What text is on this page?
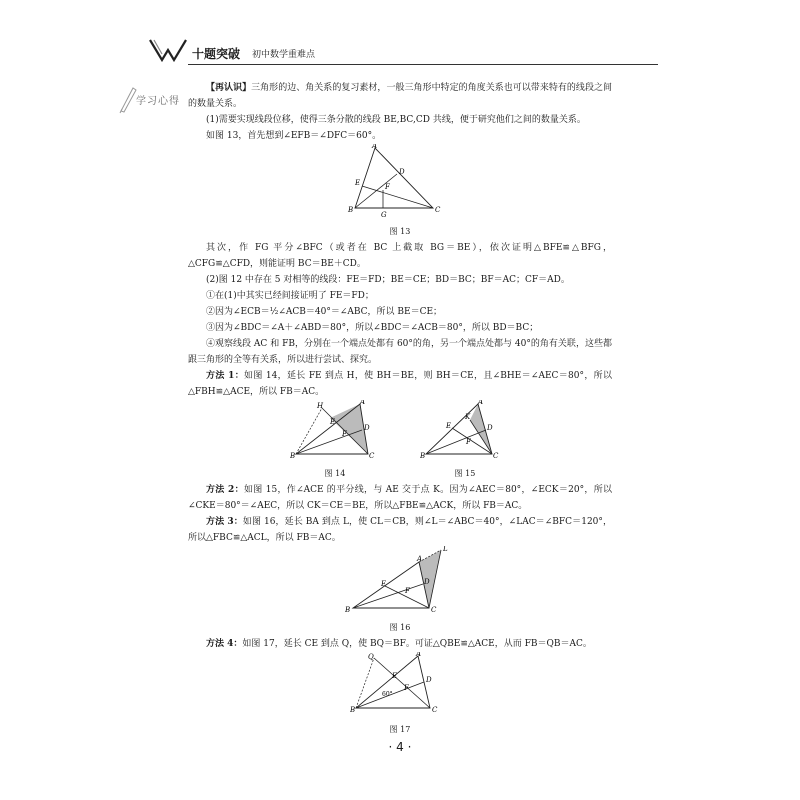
十题突破 初中数学重难点
学习心得

【再认识】三角形的边、角关系的复习素材，一般三角形中特定的角度关系也可以带来特有的线段之间的数量关系。

(1)需要实现线段位移，使得三条分散的线段 BE,BC,CD 共线，便于研究他们之间的数量关系。

如图 13，首先想到∠EFB＝∠DFC＝60°。

A
B	C
D
E	F
G

图 13

其次，作 FG 平分∠BFC（或者在 BC 上截取 BG＝BE），依次证明△BFE≌△BFG，△CFG≌△CFD，则能证明 BC＝BE＋CD。

(2)图 12 中存在 5 对相等的线段：FE＝FD；BE＝CE；BD＝BC；BF＝AC；CF＝AD。

①在(1)中其实已经间接证明了 FE＝FD；

②因为∠ECB＝½∠ACB＝40°＝∠ABC，所以 BE＝CE；

③因为∠BDC＝∠A＋∠ABD＝80°，所以∠BDC＝∠ACB＝80°，所以 BD＝BC；

④观察线段 AC 和 FB，分别在一个端点处都有 60°的角，另一个端点处都与 40°的角有关联，这些都跟三角形的全等有关系，所以进行尝试、探究。

方法 1：如图 14，延长 FE 到点 H，使 BH＝BE，则 BH＝CE，且∠BHE＝∠AEC＝80°，所以△FBH≌△ACE，所以 FB＝AC。

A
B	C
D
E
F
H

图 14

A
B	C
D
E
F
K

图 15

方法 2：如图 15，作∠ACE 的平分线，与 AE 交于点 K。因为∠AEC＝80°，∠ECK＝20°，所以∠CKE＝80°＝∠AEC，所以 CK＝CE＝BE，所以△FBE≌△ACK，所以 FB＝AC。

方法 3：如图 16，延长 BA 到点 L，使 CL＝CB，则∠L＝∠ABC＝40°，∠LAC＝∠BFC＝120°，所以△FBC≌△ACL，所以 FB＝AC。

A
B	C
D
E
F
L

图 16

方法 4：如图 17，延长 CE 到点 Q，使 BQ＝BF。可证△QBE≌△ACE，从而 FB＝QB＝AC。

A
B	C
D
E
F
Q
60°

图 17

· 4 ·
